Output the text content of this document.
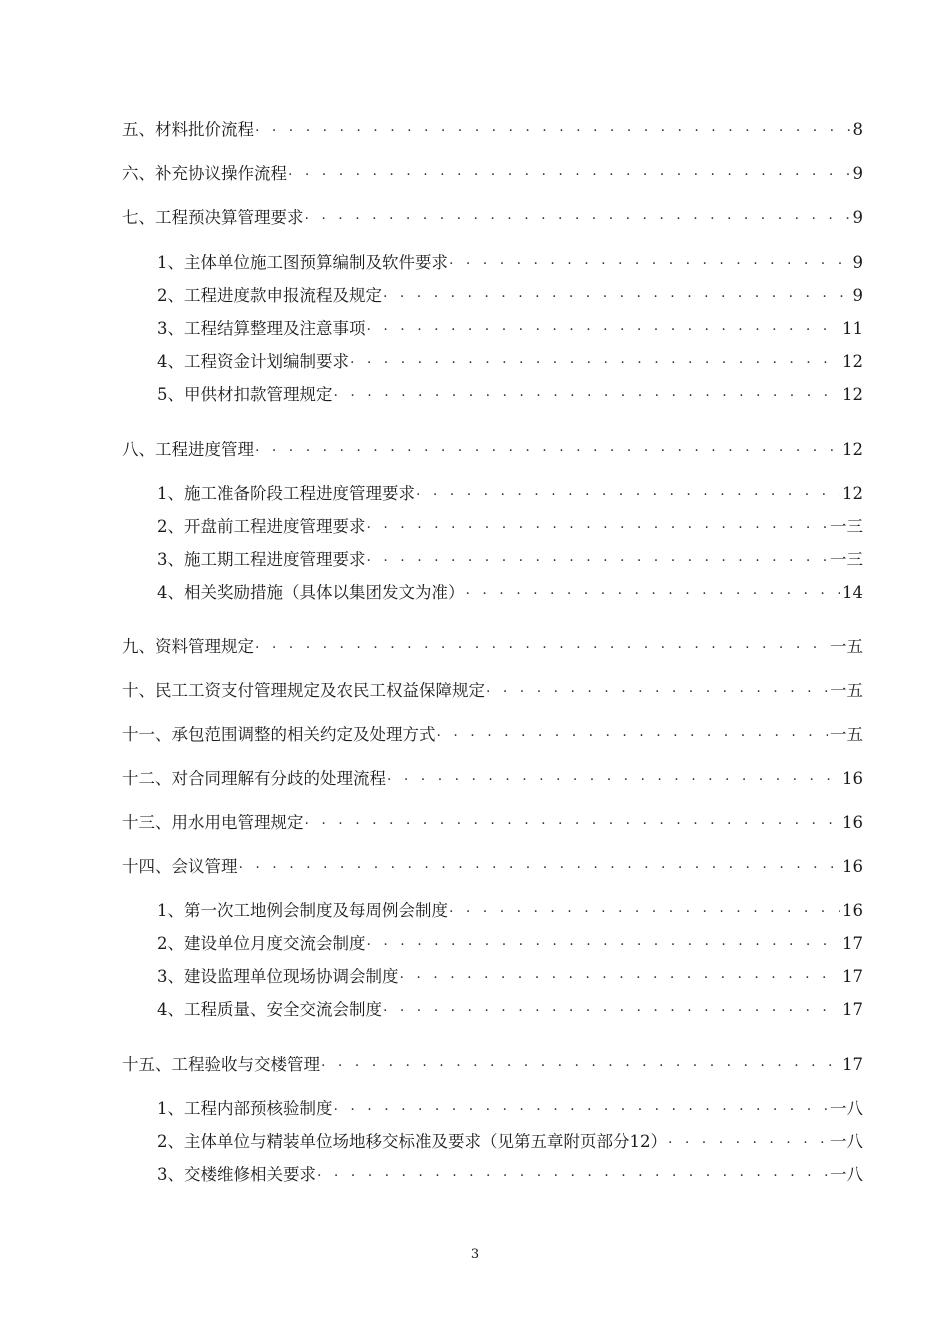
五、材料批价流程 . . .	8
六、补充协议操作流程 . . .	9
七、工程预决算管理要求 . . .	9
1、主体单位施工图预算编制及软件要求 . . .	9
2、工程进度款申报流程及规定 . . .	9
3、工程结算整理及注意事项 . . .	11
4、工程资金计划编制要求 . . .	12
5、甲供材扣款管理规定 . . .	12
八、工程进度管理 . . .	12
1、施工准备阶段工程进度管理要求 . . .	12
2、开盘前工程进度管理要求 . . .	一三
3、施工期工程进度管理要求 . . .	一三
4、相关奖励措施（具体以集团发文为准） . . .	14
九、资料管理规定 . . .	一五
十、民工工资支付管理规定及农民工权益保障规定 . . .	一五
十一、承包范围调整的相关约定及处理方式 . . .	一五
十二、对合同理解有分歧的处理流程 . . .	16
十三、用水用电管理规定 . . .	16
十四、会议管理 . . .	16
1、第一次工地例会制度及每周例会制度 . . .	16
2、建设单位月度交流会制度 . . .	17
3、建设监理单位现场协调会制度 . . .	17
4、工程质量、安全交流会制度 . . .	17
十五、工程验收与交楼管理 . . .	17
1、工程内部预核验制度 . . .	一八
2、主体单位与精装单位场地移交标准及要求（见第五章附页部分12） . . .	一八
3、交楼维修相关要求 . . .	一八
3
